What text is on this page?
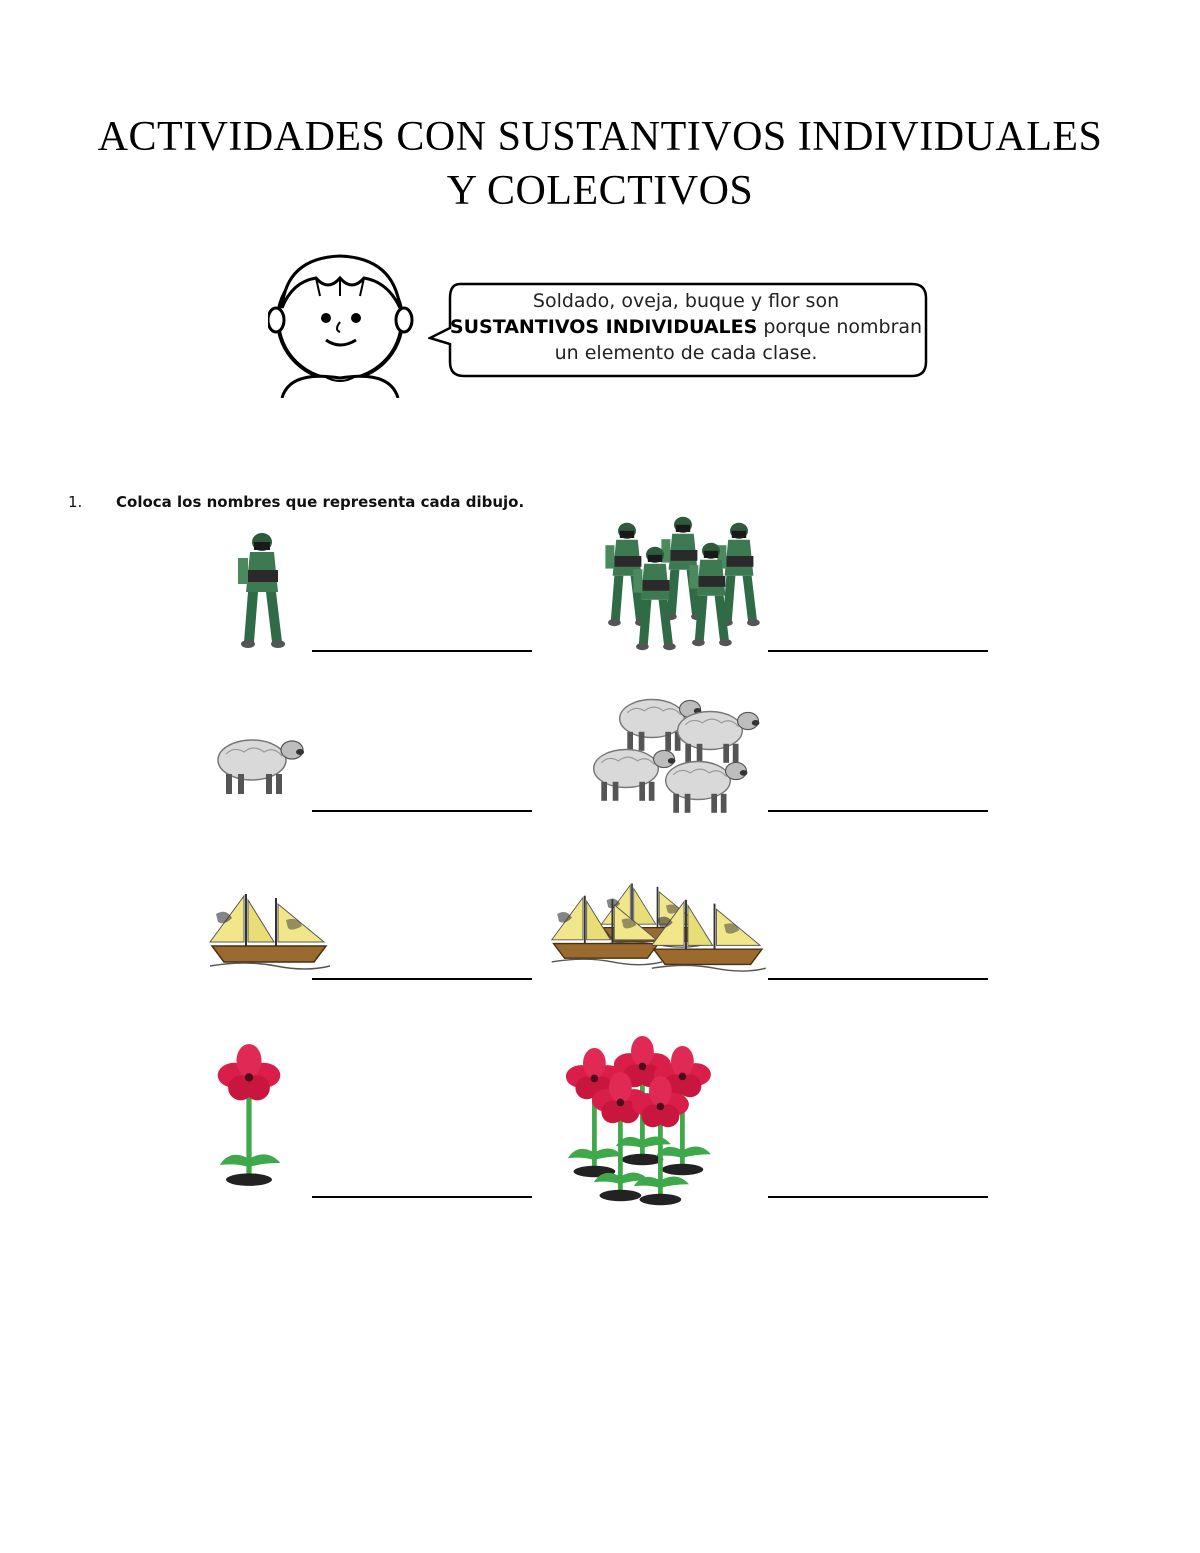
ACTIVIDADES CON SUSTANTIVOS INDIVIDUALES
Y COLECTIVOS
Soldado, oveja, buque y flor son
SUSTANTIVOS INDIVIDUALES porque nombran
un elemento de cada clase.
1. Coloca los nombres que representa cada dibujo.
